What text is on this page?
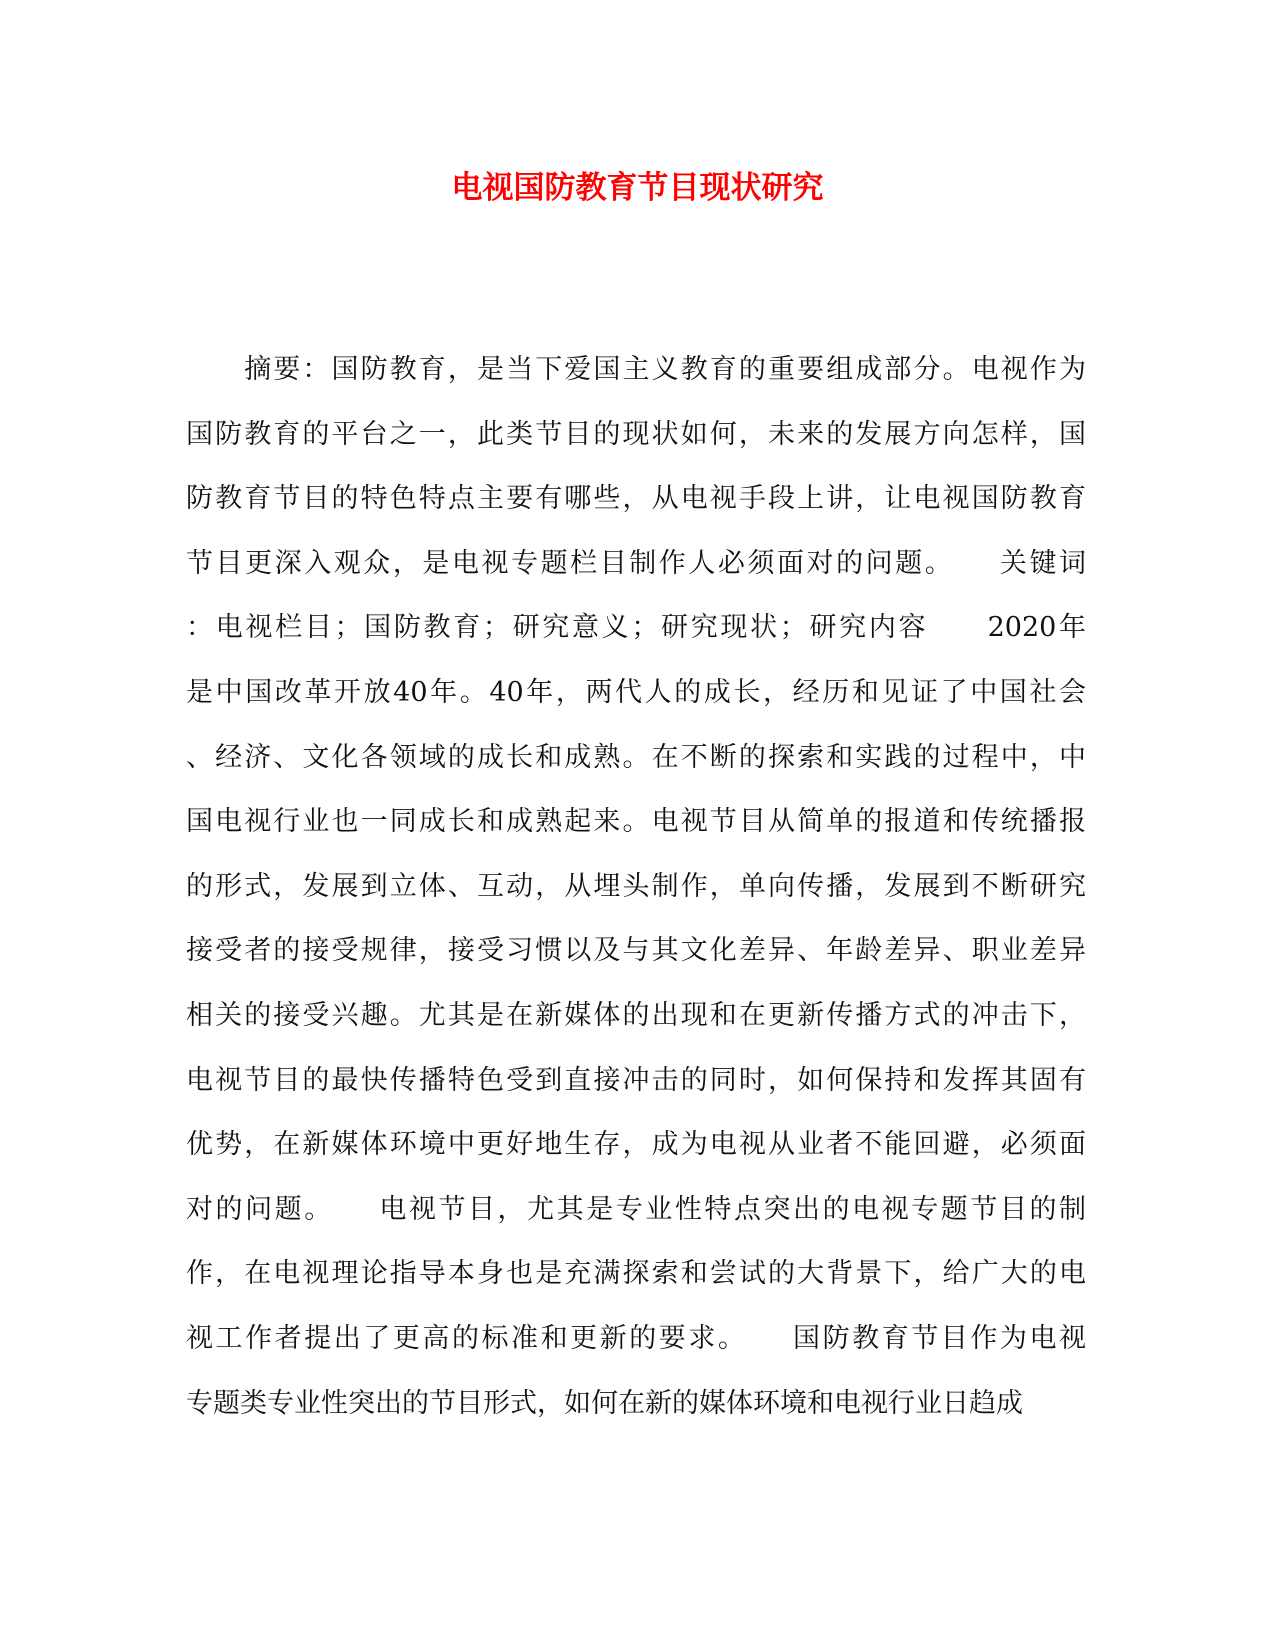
电视国防教育节目现状研究
　　摘要：国防教育，是当下爱国主义教育的重要组成部分。电视作为
国防教育的平台之一，此类节目的现状如何，未来的发展方向怎样，国
防教育节目的特色特点主要有哪些，从电视手段上讲，让电视国防教育
节目更深入观众，是电视专题栏目制作人必须面对的问题。　　关键词
：电视栏目；国防教育；研究意义；研究现状；研究内容　　2020年
是中国改革开放40年。40年，两代人的成长，经历和见证了中国社会
、经济、文化各领域的成长和成熟。在不断的探索和实践的过程中，中
国电视行业也一同成长和成熟起来。电视节目从简单的报道和传统播报
的形式，发展到立体、互动，从埋头制作，单向传播，发展到不断研究
接受者的接受规律，接受习惯以及与其文化差异、年龄差异、职业差异
相关的接受兴趣。尤其是在新媒体的出现和在更新传播方式的冲击下，
电视节目的最快传播特色受到直接冲击的同时，如何保持和发挥其固有
优势，在新媒体环境中更好地生存，成为电视从业者不能回避，必须面
对的问题。　　电视节目，尤其是专业性特点突出的电视专题节目的制
作，在电视理论指导本身也是充满探索和尝试的大背景下，给广大的电
视工作者提出了更高的标准和更新的要求。　　国防教育节目作为电视
专题类专业性突出的节目形式，如何在新的媒体环境和电视行业日趋成
